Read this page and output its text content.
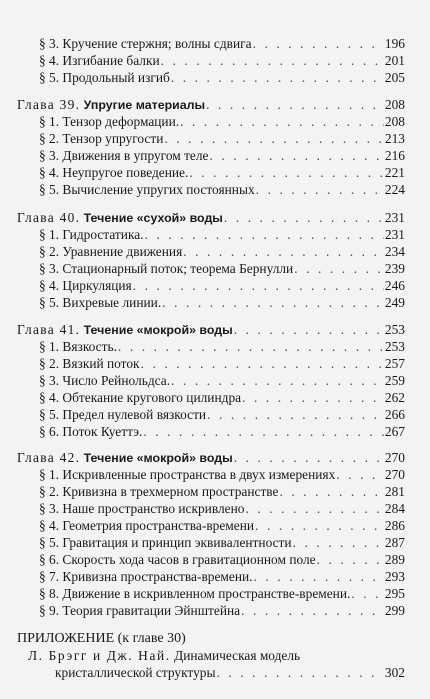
§ 3. Кручение стержня; волны сдвига . . .	196
§ 4. Изгибание балки . . .	201
§ 5. Продольный изгиб . . .	205
Глава 39. Упругие материалы . . .	208
§ 1. Тензор деформации. . . .	208
§ 2. Тензор упругости . . .	213
§ 3. Движения в упругом теле . . .	216
§ 4. Неупругое поведение. . . .	221
§ 5. Вычисление упругих постоянных . . .	224
Глава 40. Течение «сухой» воды . . .	231
§ 1. Гидростатика. . . .	231
§ 2. Уравнение движения . . .	234
§ 3. Стационарный поток; теорема Бернулли . . .	239
§ 4. Циркуляция . . .	246
§ 5. Вихревые линии. . . .	249
Глава 41. Течение «мокрой» воды . . .	253
§ 1. Вязкость. . . .	253
§ 2. Вязкий поток . . .	257
§ 3. Число Рейнольдса. . . .	259
§ 4. Обтекание кругового цилиндра . . .	262
§ 5. Предел нулевой вязкости . . .	266
§ 6. Поток Куеттэ. . . .	267
Глава 42. Течение «мокрой» воды . . .	270
§ 1. Искривленные пространства в двух измерениях . . .	270
§ 2. Кривизна в трехмерном пространстве . . .	281
§ 3. Наше пространство искривлено . . .	284
§ 4. Геометрия пространства-времени . . .	286
§ 5. Гравитация и принцип эквивалентности . . .	287
§ 6. Скорость хода часов в гравитационном поле . . .	289
§ 7. Кривизна пространства-времени. . . .	293
§ 8. Движение в искривленном пространстве-времени. . . .	295
§ 9. Теория гравитации Эйнштейна . . .	299
ПРИЛОЖЕНИЕ (к главе 30)
Л. Брэгг и Дж. Най. Динамическая модель
кристаллической структуры . . .	302
